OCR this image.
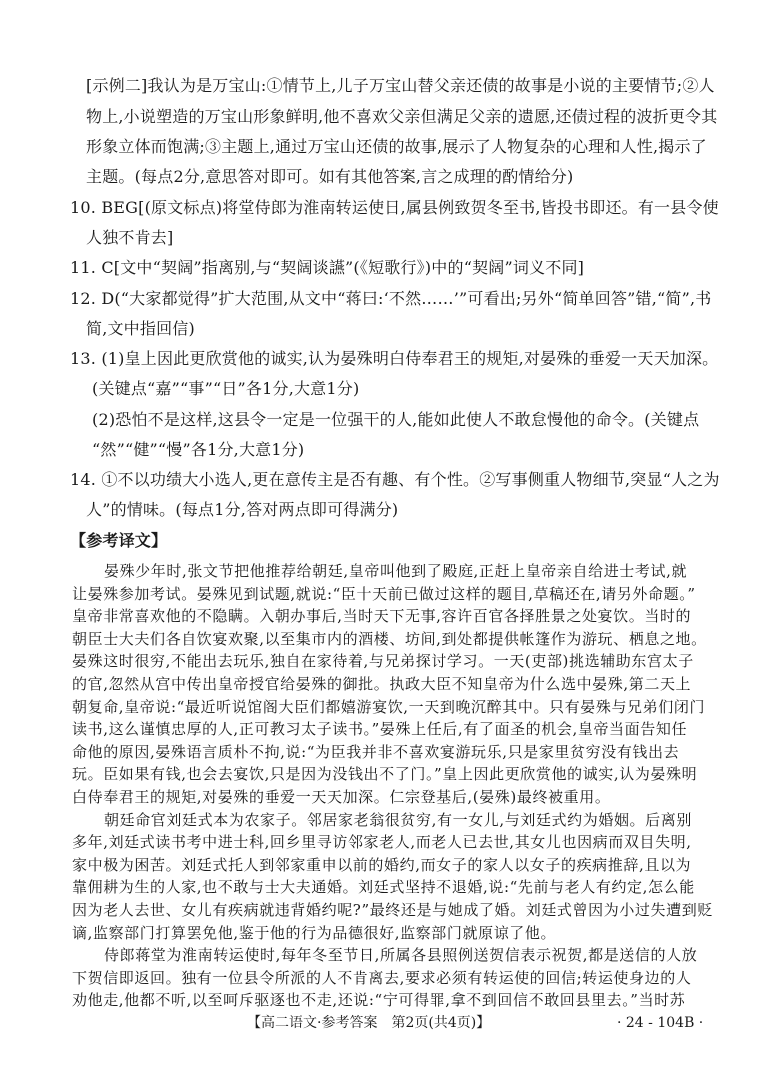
[示例二]我认为是万宝山:①情节上,儿子万宝山替父亲还债的故事是小说的主要情节;②人
物上,小说塑造的万宝山形象鲜明,他不喜欢父亲但满足父亲的遗愿,还债过程的波折更令其
形象立体而饱满;③主题上,通过万宝山还债的故事,展示了人物复杂的心理和人性,揭示了
主题。(每点2分,意思答对即可。如有其他答案,言之成理的酌情给分)
10. BEG[(原文标点)将堂侍郎为淮南转运使日,属县例致贺冬至书,皆投书即还。有一县令使
人独不肯去]
11. C[文中“契阔”指离别,与“契阔谈讌”(《短歌行》)中的“契阔”词义不同]
12. D(“大家都觉得”扩大范围,从文中“蒋曰:‘不然……’”可看出;另外“简单回答”错,“简”,书
简,文中指回信)
13. (1)皇上因此更欣赏他的诚实,认为晏殊明白侍奉君王的规矩,对晏殊的垂爱一天天加深。
(关键点“嘉”“事”“日”各1分,大意1分)
(2)恐怕不是这样,这县令一定是一位强干的人,能如此使人不敢怠慢他的命令。(关键点
“然”“健”“慢”各1分,大意1分)
14. ①不以功绩大小选人,更在意传主是否有趣、有个性。②写事侧重人物细节,突显“人之为
人”的情味。(每点1分,答对两点即可得满分)
【参考译文】
晏殊少年时,张文节把他推荐给朝廷,皇帝叫他到了殿庭,正赶上皇帝亲自给进士考试,就
让晏殊参加考试。晏殊见到试题,就说:“臣十天前已做过这样的题目,草稿还在,请另外命题。”
皇帝非常喜欢他的不隐瞒。入朝办事后,当时天下无事,容许百官各择胜景之处宴饮。当时的
朝臣士大夫们各自饮宴欢聚,以至集市内的酒楼、坊间,到处都提供帐篷作为游玩、栖息之地。
晏殊这时很穷,不能出去玩乐,独自在家待着,与兄弟探讨学习。一天(吏部)挑选辅助东宫太子
的官,忽然从宫中传出皇帝授官给晏殊的御批。执政大臣不知皇帝为什么选中晏殊,第二天上
朝复命,皇帝说:“最近听说馆阁大臣们都嬉游宴饮,一天到晚沉醉其中。只有晏殊与兄弟们闭门
读书,这么谨慎忠厚的人,正可教习太子读书。”晏殊上任后,有了面圣的机会,皇帝当面告知任
命他的原因,晏殊语言质朴不拘,说:“为臣我并非不喜欢宴游玩乐,只是家里贫穷没有钱出去
玩。臣如果有钱,也会去宴饮,只是因为没钱出不了门。”皇上因此更欣赏他的诚实,认为晏殊明
白侍奉君王的规矩,对晏殊的垂爱一天天加深。仁宗登基后,(晏殊)最终被重用。
朝廷命官刘廷式本为农家子。邻居家老翁很贫穷,有一女儿,与刘廷式约为婚姻。后离别
多年,刘廷式读书考中进士科,回乡里寻访邻家老人,而老人已去世,其女儿也因病而双目失明,
家中极为困苦。刘廷式托人到邻家重申以前的婚约,而女子的家人以女子的疾病推辞,且以为
靠佣耕为生的人家,也不敢与士大夫通婚。刘廷式坚持不退婚,说:“先前与老人有约定,怎么能
因为老人去世、女儿有疾病就违背婚约呢?”最终还是与她成了婚。刘廷式曾因为小过失遭到贬
谪,监察部门打算罢免他,鉴于他的行为品德很好,监察部门就原谅了他。
侍郎蒋堂为淮南转运使时,每年冬至节日,所属各县照例送贺信表示祝贺,都是送信的人放
下贺信即返回。独有一位县令所派的人不肯离去,要求必须有转运使的回信;转运使身边的人
劝他走,他都不听,以至呵斥驱逐也不走,还说:“宁可得罪,拿不到回信不敢回县里去。”当时苏
【高二语文·参考答案　第2页(共4页)】	· 24 - 104B ·
